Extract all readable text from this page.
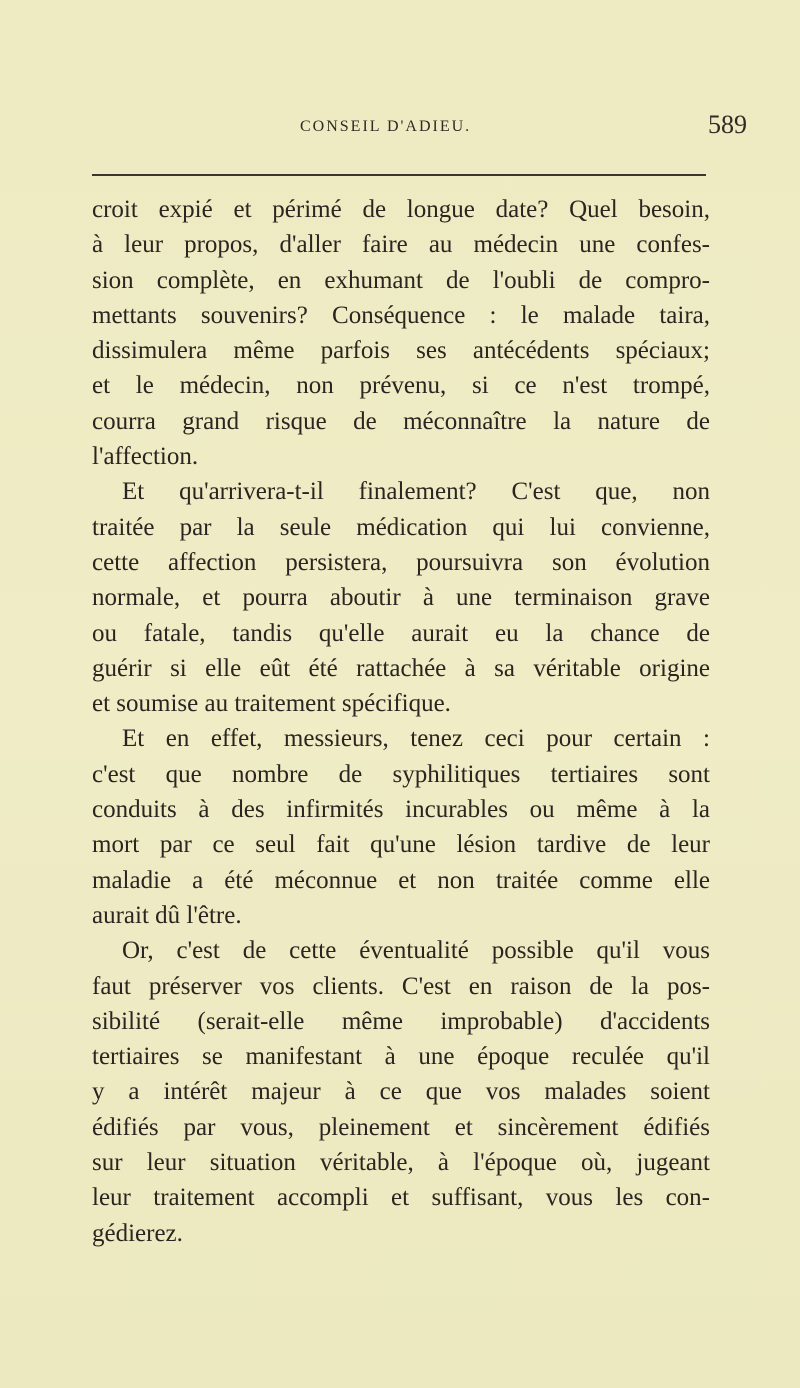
CONSEIL D'ADIEU.	589
croit expié et périmé de longue date? Quel besoin,
à leur propos, d'aller faire au médecin une confes-
sion complète, en exhumant de l'oubli de compro-
mettants souvenirs? Conséquence : le malade taira,
dissimulera même parfois ses antécédents spéciaux;
et le médecin, non prévenu, si ce n'est trompé,
courra grand risque de méconnaître la nature de
l'affection.
Et qu'arrivera-t-il finalement? C'est que, non
traitée par la seule médication qui lui convienne,
cette affection persistera, poursuivra son évolution
normale, et pourra aboutir à une terminaison grave
ou fatale, tandis qu'elle aurait eu la chance de
guérir si elle eût été rattachée à sa véritable origine
et soumise au traitement spécifique.
Et en effet, messieurs, tenez ceci pour certain :
c'est que nombre de syphilitiques tertiaires sont
conduits à des infirmités incurables ou même à la
mort par ce seul fait qu'une lésion tardive de leur
maladie a été méconnue et non traitée comme elle
aurait dû l'être.
Or, c'est de cette éventualité possible qu'il vous
faut préserver vos clients. C'est en raison de la pos-
sibilité (serait-elle même improbable) d'accidents
tertiaires se manifestant à une époque reculée qu'il
y a intérêt majeur à ce que vos malades soient
édifiés par vous, pleinement et sincèrement édifiés
sur leur situation véritable, à l'époque où, jugeant
leur traitement accompli et suffisant, vous les con-
gédierez.
